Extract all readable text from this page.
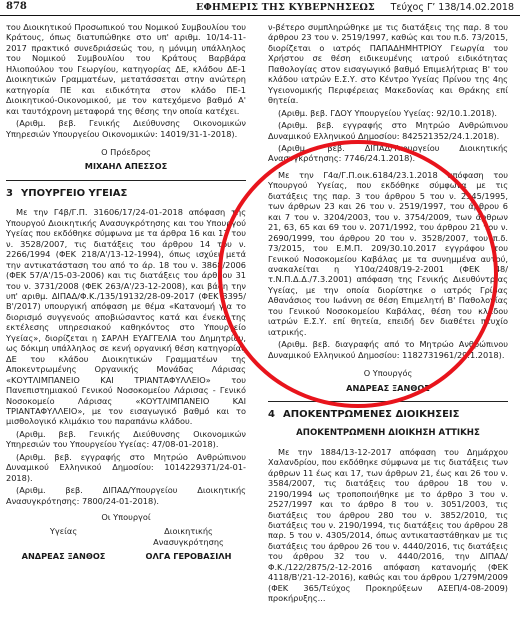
878	ΕΦΗΜΕΡΙΣ ΤΗΣ ΚΥΒΕΡΝΗΣΕΩΣ Τεύχος Γ’ 138/14.02.2018

του Διοικητικού Προσωπικού του Νομικού Συμβουλίου του Κράτους, όπως διατυπώθηκε στο υπ' αριθμ. 10/14-11-2017 πρακτικό συνεδριάσεώς του, η μόνιμη υπάλληλος του Νομικού Συμβουλίου του Κράτους Βαρβάρα Ηλιοπούλου του Γεωργίου, κατηγορίας ΔΕ, κλάδου ΔΕ-1 Διοικητικών Γραμματέων, μετατάσσεται στην ανώτερη κατηγορία ΠΕ και ειδικότητα στον κλάδο ΠΕ-1 Διοικητικού-Οικονομικού, με τον κατεχόμενο βαθμό Α' και ταυτόχρονη μεταφορά της θέσης την οποία κατέχει.

(Αριθμ. βεβ. Γενικής Διεύθυνσης Οικονομικών Υπηρεσιών Υπουργείου Οικονομικών: 14019/31-1-2018).

Ο Πρόεδρος
ΜΙΧΑΗΛ ΑΠΕΣΣΟΣ
3 ΥΠΟΥΡΓΕΙΟ ΥΓΕΙΑΣ

Με την Γ4β/Γ.Π. 31606/17/24-01-2018 απόφαση της Υπουργού Διοικητικής Ανασυγκρότησης και του Υπουργού Υγείας που εκδόθηκε σύμφωνα με τα άρθρα 16 και 17 του ν. 3528/2007, τις διατάξεις του άρθρου 14 του ν. 2266/1994 (ΦΕΚ 218/Α'/13-12-1994), όπως ισχύει μετά την αντικατάσταση του από το άρ. 18 του ν. 3868/2006 (ΦΕΚ 57/Α'/15-03-2006) και τις διατάξεις του άρθρου 31 του ν. 3731/2008 (ΦΕΚ 263/Α'/23-12-2008), και βάση την υπ' αριθμ. ΔΙΠΑΔ/Φ.Κ./135/19132/28-09-2017 (ΦΕΚ 3395/Β'/2017) υπουργική απόφαση με θέμα «Κατανομή για το διορισμό συγγενούς αποβιώσαντος κατά και ένεκα της εκτέλεσης υπηρεσιακού καθηκόντος στο Υπουργείο Υγείας», διορίζεται η ΣΑΡΛΗ ΕΥΑΓΓΕΛΙΑ του Δημητρίου, ως δόκιμη υπάλληλος σε κενή οργανική θέση κατηγορίας ΔΕ του κλάδου Διοικητικών Γραμματέων της Αποκεντρωμένης Οργανικής Μονάδας Λάρισας «ΚΟΥΤΛΙΜΠΑΝΕΙΟ ΚΑΙ ΤΡΙΑΝΤΑΦΥΛΛΕΙΟ» του Πανεπιστημιακού Γενικού Νοσοκομείου Λάρισας - Γενικό Νοσοκομείο Λάρισας «ΚΟΥΤΛΙΜΠΑΝΕΙΟ ΚΑΙ ΤΡΙΑΝΤΑΦΥΛΛΕΙΟ», με τον εισαγωγικό βαθμό και το μισθολογικό κλιμάκιο του παραπάνω κλάδου.

(Αριθμ. βεβ. Γενικής Διεύθυνσης Οικονομικών Υπηρεσιών του Υπουργείου Υγείας: 47/08-01-2018).

(Αριθμ. βεβ. εγγραφής στο Μητρώο Ανθρώπινου Δυναμικού Ελληνικού Δημοσίου: 1014229371/24-01-2018).

(Αριθμ. βεβ. ΔΙΠΑΔ/Υπουργείου Διοικητικής Ανασυγκρότησης: 7800/24-01-2018).

Οι Υπουργοί
Υγείας	Διοικητικής Ανασυγκρότησης
ΑΝΔΡΕΑΣ ΞΑΝΘΟΣ	ΟΛΓΑ ΓΕΡΟΒΑΣΙΛΗ

ν-βέτερο συμπληρώθηκε με τις διατάξεις της παρ. 8 του άρθρου 23 του ν. 2519/1997, καθώς και του π.δ. 73/2015, διορίζεται ο ιατρός ΠΑΠΑΔΗΜΗΤΡΙΟΥ Γεωργία του Χρήστου σε θέση ειδικευμένης ιατρού ειδικότητας Παθολογίας στον εισαγωγικό βαθμό Επιμελήτριας Β' του κλάδου ιατρών Ε.Σ.Υ. στο Κέντρο Υγείας Πρίνου της 4ης Υγειονομικής Περιφέρειας Μακεδονίας και Θράκης επί θητεία.

(Αριθμ. βεβ. ΓΔΟΥ Υπουργείου Υγείας: 92/10.1.2018).

(Αριθμ. βεβ. εγγραφής στο Μητρώο Ανθρώπινου Δυναμικού Ελληνικού Δημοσίου: 842521352/24.1.2018).

(Αριθμ. βεβ. ΔΙΠΑΔ/Υπουργείου Διοικητικής Ανασυγκρότησης: 7746/24.1.2018).

Με την Γ4α/Γ.Π.οικ.6184/23.1.2018 απόφαση του Υπουργού Υγείας, που εκδόθηκε σύμφωνα με τις διατάξεις της παρ. 3 του άρθρου 5 του ν. 2345/1995, των άρθρων 23 και 26 του ν. 2519/1997, του άρθρου 6 και 7 του ν. 3204/2003, του ν. 3754/2009, των άρθρων 21, 63, 65 και 69 του ν. 2071/1992, του άρθρου 21 του ν. 2690/1999, του άρθρου 20 του ν. 3528/2007, του π.δ. 73/2015, του Ε.Μ.Π. 209/30.10.2017 εγγράφου του Γενικού Νοσοκομείου Καβάλας με τα συνημμένα αυτού, ανακαλείται η Υ10α/2408/19-2-2001 (ΦΕΚ 48/τ.Ν.Π.Δ.Δ./7.3.2001) απόφαση της Γενικής Διευθύντριας Υγείας, με την οποία διορίστηκε ο ιατρός Γρίβας Αθανάσιος του Ιωάννη σε θέση Επιμελητή Β' Παθολογίας του Γενικού Νοσοκομείου Καβάλας, θέση του κλάδου ιατρών Ε.Σ.Υ. επί θητεία, επειδή δεν διαθέτει πτυχίο ιατρικής.

(Αριθμ. βεβ. διαγραφής από το Μητρώο Ανθρώπινου Δυναμικού Ελληνικού Δημοσίου: 1182731961/29.1.2018).

Ο Υπουργός
ΑΝΔΡΕΑΣ ΞΑΝΘΟΣ
4 ΑΠΟΚΕΝΤΡΩΜΕΝΕΣ ΔΙΟΙΚΗΣΕΙΣ
ΑΠΟΚΕΝΤΡΩΜΕΝΗ ΔΙΟΙΚΗΣΗ ΑΤΤΙΚΗΣ

Με την 1884/13-12-2017 απόφαση του Δημάρχου Χαλανδρίου, που εκδόθηκε σύμφωνα με τις διατάξεις των άρθρων 11 έως και 17, των άρθρων 21, έως και 26 του ν. 3584/2007, τις διατάξεις του άρθρου 18 του ν. 2190/1994 ως τροποποιήθηκε με το άρθρο 3 του ν. 2527/1997 και το άρθρο 8 του ν. 3051/2003, τις διατάξεις του άρθρου 280 του ν. 3852/2010, τις διατάξεις του ν. 2190/1994, τις διατάξεις του άρθρου 28 παρ. 5 του ν. 4305/2014, όπως αντικαταστάθηκαν με τις διατάξεις του άρθρου 26 του ν. 4440/2016, τις διατάξεις του άρθρου 32 του ν. 4440/2016, την ΔΙΠΑΔ/Φ.Κ./122/2875/2-12-2016 απόφαση κατανομής (ΦΕΚ 4118/Β'/21-12-2016), καθώς και του άρθρου 1/279Μ/2009 (ΦΕΚ 365/Τεύχος Προκηρύξεων ΑΣΕΠ/4-08-2009) προκήρυξης...
